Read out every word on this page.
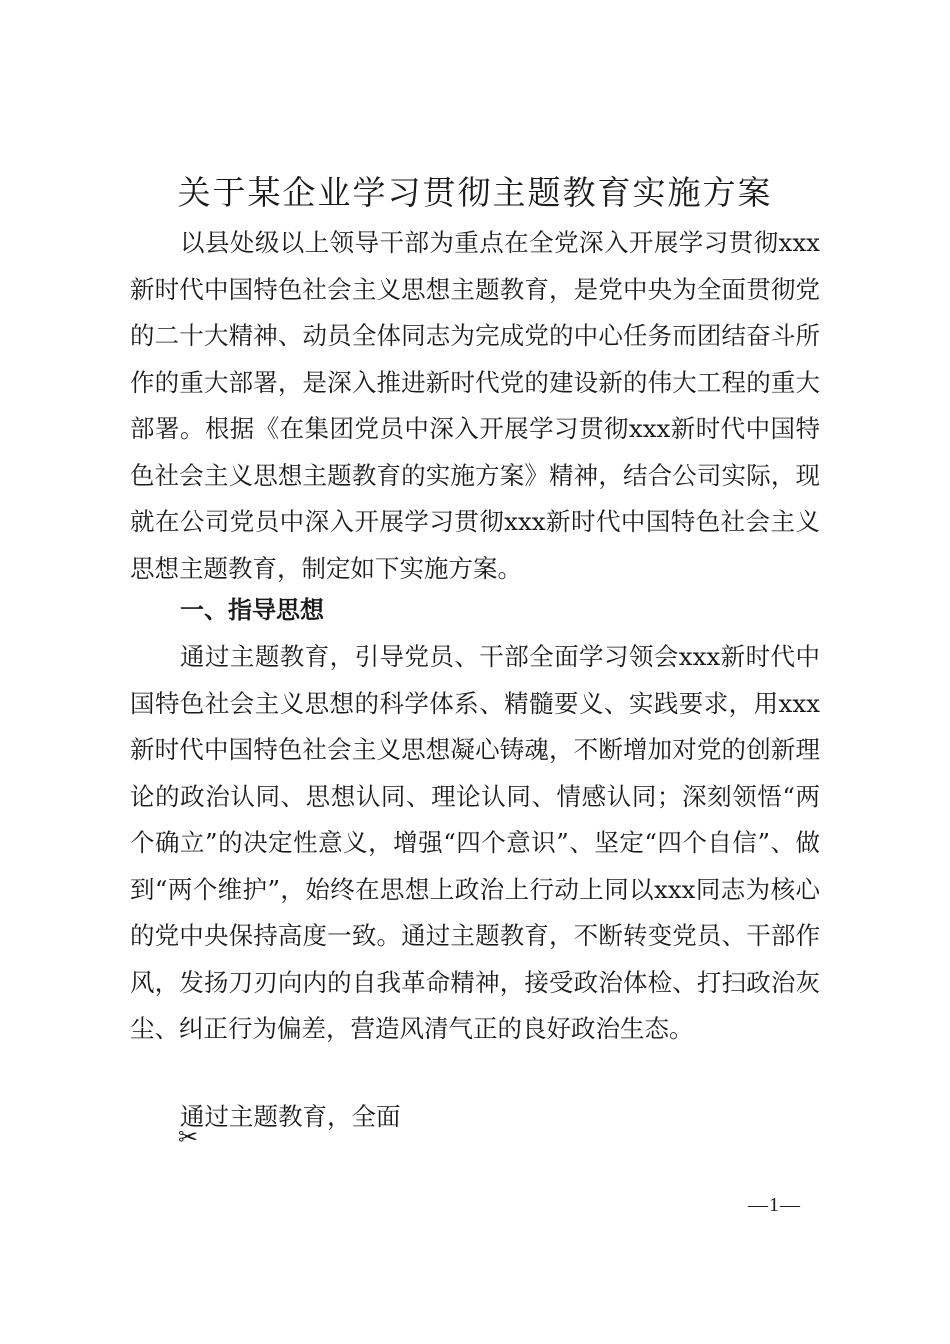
关于某企业学习贯彻主题教育实施方案

以县处级以上领导干部为重点在全党深入开展学习贯彻xxx新时代中国特色社会主义思想主题教育，是党中央为全面贯彻党的二十大精神、动员全体同志为完成党的中心任务而团结奋斗所作的重大部署，是深入推进新时代党的建设新的伟大工程的重大部署。根据《在集团党员中深入开展学习贯彻xxx新时代中国特色社会主义思想主题教育的实施方案》精神，结合公司实际，现就在公司党员中深入开展学习贯彻xxx新时代中国特色社会主义思想主题教育，制定如下实施方案。

一、指导思想

通过主题教育，引导党员、干部全面学习领会xxx新时代中国特色社会主义思想的科学体系、精髓要义、实践要求，用xxx新时代中国特色社会主义思想凝心铸魂，不断增加对党的创新理论的政治认同、思想认同、理论认同、情感认同；深刻领悟“两个确立”的决定性意义，增强“四个意识”、坚定“四个自信”、做到“两个维护”，始终在思想上政治上行动上同以xxx同志为核心的党中央保持高度一致。通过主题教育，不断转变党员、干部作风，发扬刀刃向内的自我革命精神，接受政治体检、打扫政治灰尘、纠正行为偏差，营造风清气正的良好政治生态。

通过主题教育，全面

✂
—1—
